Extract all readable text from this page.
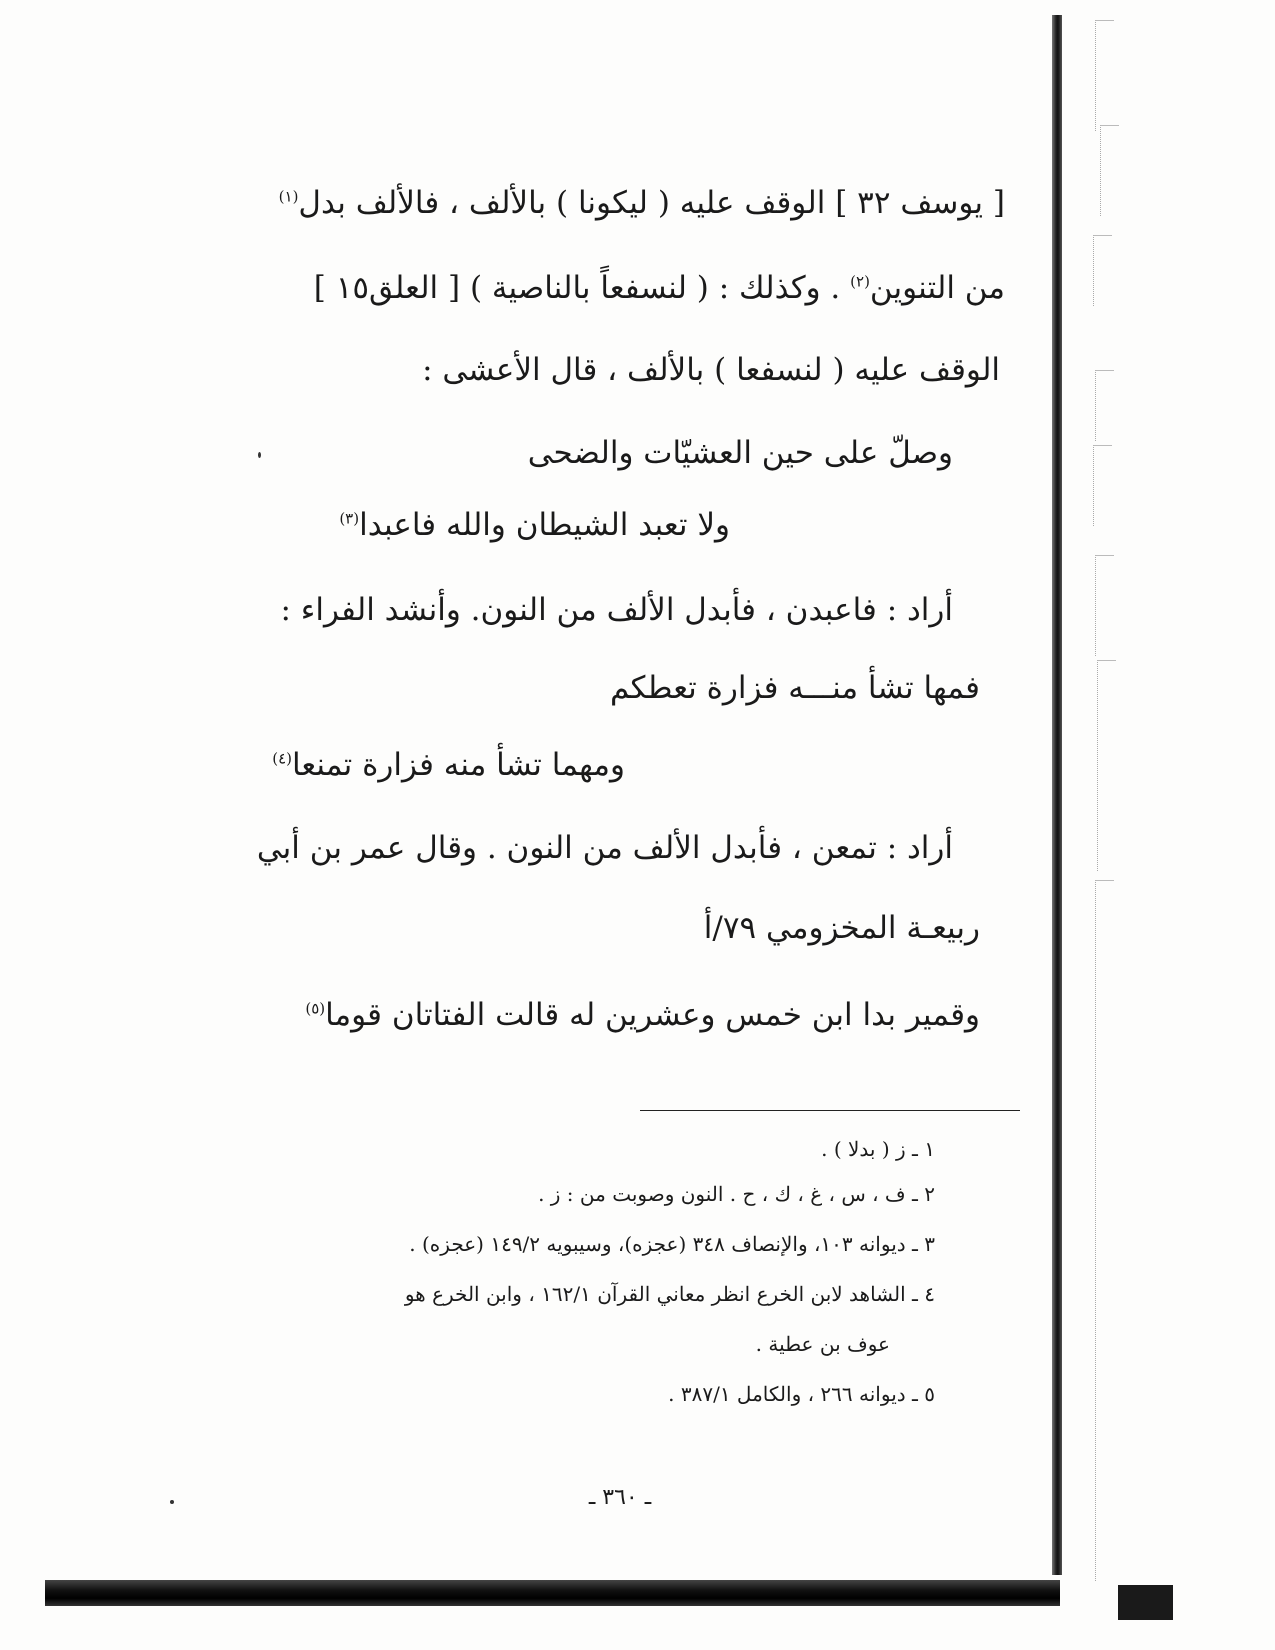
[ يوسف ٣٢ ] الوقف عليه ( ليكونا ) بالألف ، فالألف بدل$^{(١)}$
من التنوين$^{(٢)}$ . وكذلك : ( لنسفعاً بالناصية ) [ العلق١٥ ]
الوقف عليه ( لنسفعا ) بالألف ، قال الأعشى :
وصلّ على حين العشيّات والضحى
ولا تعبد الشيطان والله فاعبدا$^{(٣)}$
أراد : فاعبدن ، فأبدل الألف من النون. وأنشد الفراء :
فمها تشأ منـــه فزارة تعطكم
ومهما تشأ منه فزارة تمنعا$^{(٤)}$
أراد : تمعن ، فأبدل الألف من النون . وقال عمر بن أبي
ربيعـة المخزومي ٧٩/أ
وقمير بدا ابن خمس وعشرين له قالت الفتاتان قوما$^{(٥)}$
١ ـ ز ( بدلا ) .
٢ ـ ف ، س ، غ ، ك ، ح . النون وصوبت من : ز .
٣ ـ ديوانه ١٠٣، والإنصاف ٣٤٨ (عجزه)، وسيبويه ١٤٩/٢ (عجزه) .
٤ ـ الشاهد لابن الخرع انظر معاني القرآن ١٦٢/١ ، وابن الخرع هو
عوف بن عطية .
٥ ـ ديوانه ٢٦٦ ، والكامل ٣٨٧/١ .
ـ ٣٦٠ ـ
